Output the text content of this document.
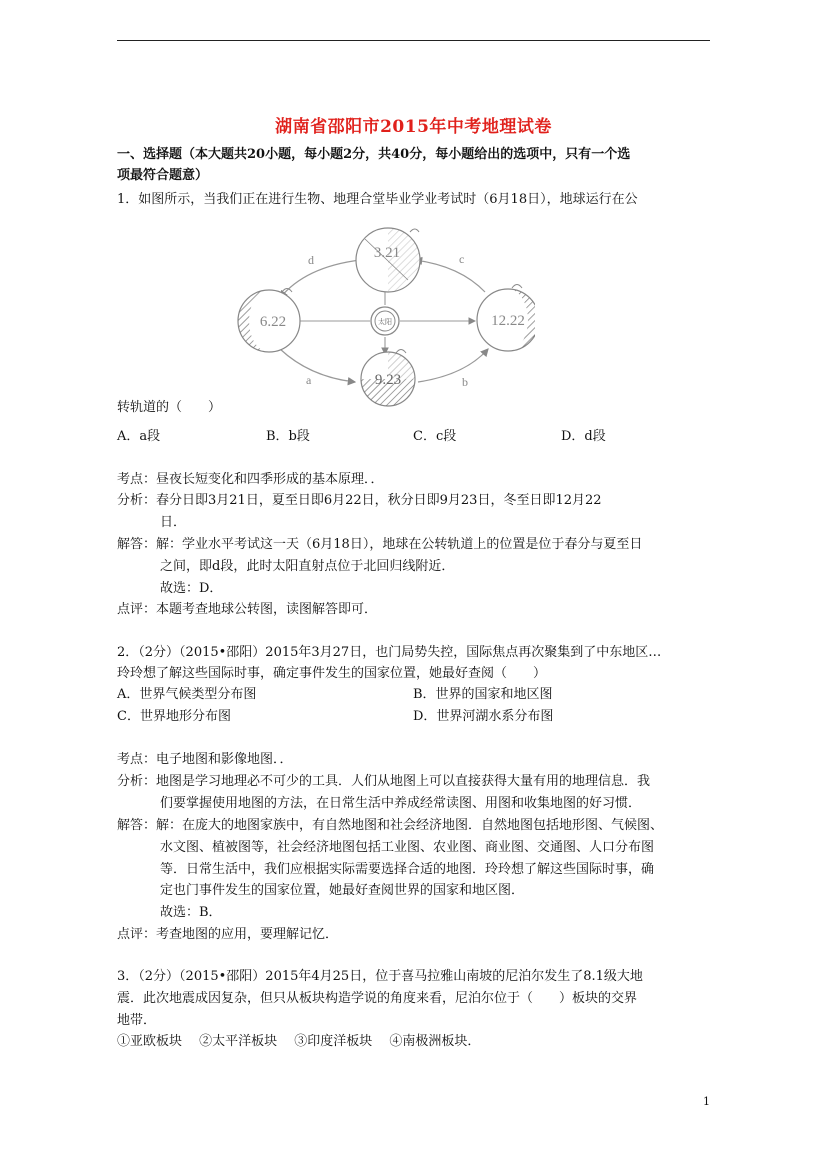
湖南省邵阳市2015年中考地理试卷
一、选择题（本大题共20小题，每小题2分，共40分，每小题给出的选项中，只有一个选
项最符合题意）
1．如图所示，当我们正在进行生物、地理合堂毕业学业考试时（6月18日），地球运行在公
太阳
3.21
6.22	12.22
9.23
a	b
c
d
转轨道的（　　）
A．a段	B．b段	C．c段	D．d段
考点：昼夜长短变化和四季形成的基本原理．．
分析：春分日即3月21日，夏至日即6月22日，秋分日即9月23日，冬至日即12月22
日．
解答：解：学业水平考试这一天（6月18日），地球在公转轨道上的位置是位于春分与夏至日
之间，即d段，此时太阳直射点位于北回归线附近．
故选：D．
点评：本题考查地球公转图，读图解答即可．
2．（2分）（2015•邵阳）2015年3月27日，也门局势失控，国际焦点再次聚集到了中东地区…
玲玲想了解这些国际时事，确定事件发生的国家位置，她最好查阅（　　）
A．世界气候类型分布图	B．世界的国家和地区图
C．世界地形分布图	D．世界河湖水系分布图
考点：电子地图和影像地图．．
分析：地图是学习地理必不可少的工具．人们从地图上可以直接获得大量有用的地理信息．我
们要掌握使用地图的方法，在日常生活中养成经常读图、用图和收集地图的好习惯．
解答：解：在庞大的地图家族中，有自然地图和社会经济地图．自然地图包括地形图、气候图、
水文图、植被图等，社会经济地图包括工业图、农业图、商业图、交通图、人口分布图
等．日常生活中，我们应根据实际需要选择合适的地图．玲玲想了解这些国际时事，确
定也门事件发生的国家位置，她最好查阅世界的国家和地区图．
故选：B．
点评：考查地图的应用，要理解记忆．
3．（2分）（2015•邵阳）2015年4月25日，位于喜马拉雅山南坡的尼泊尔发生了8.1级大地
震．此次地震成因复杂，但只从板块构造学说的角度来看，尼泊尔位于（　　）板块的交界
地带．
①亚欧板块　 ②太平洋板块　 ③印度洋板块　 ④南极洲板块．
1
